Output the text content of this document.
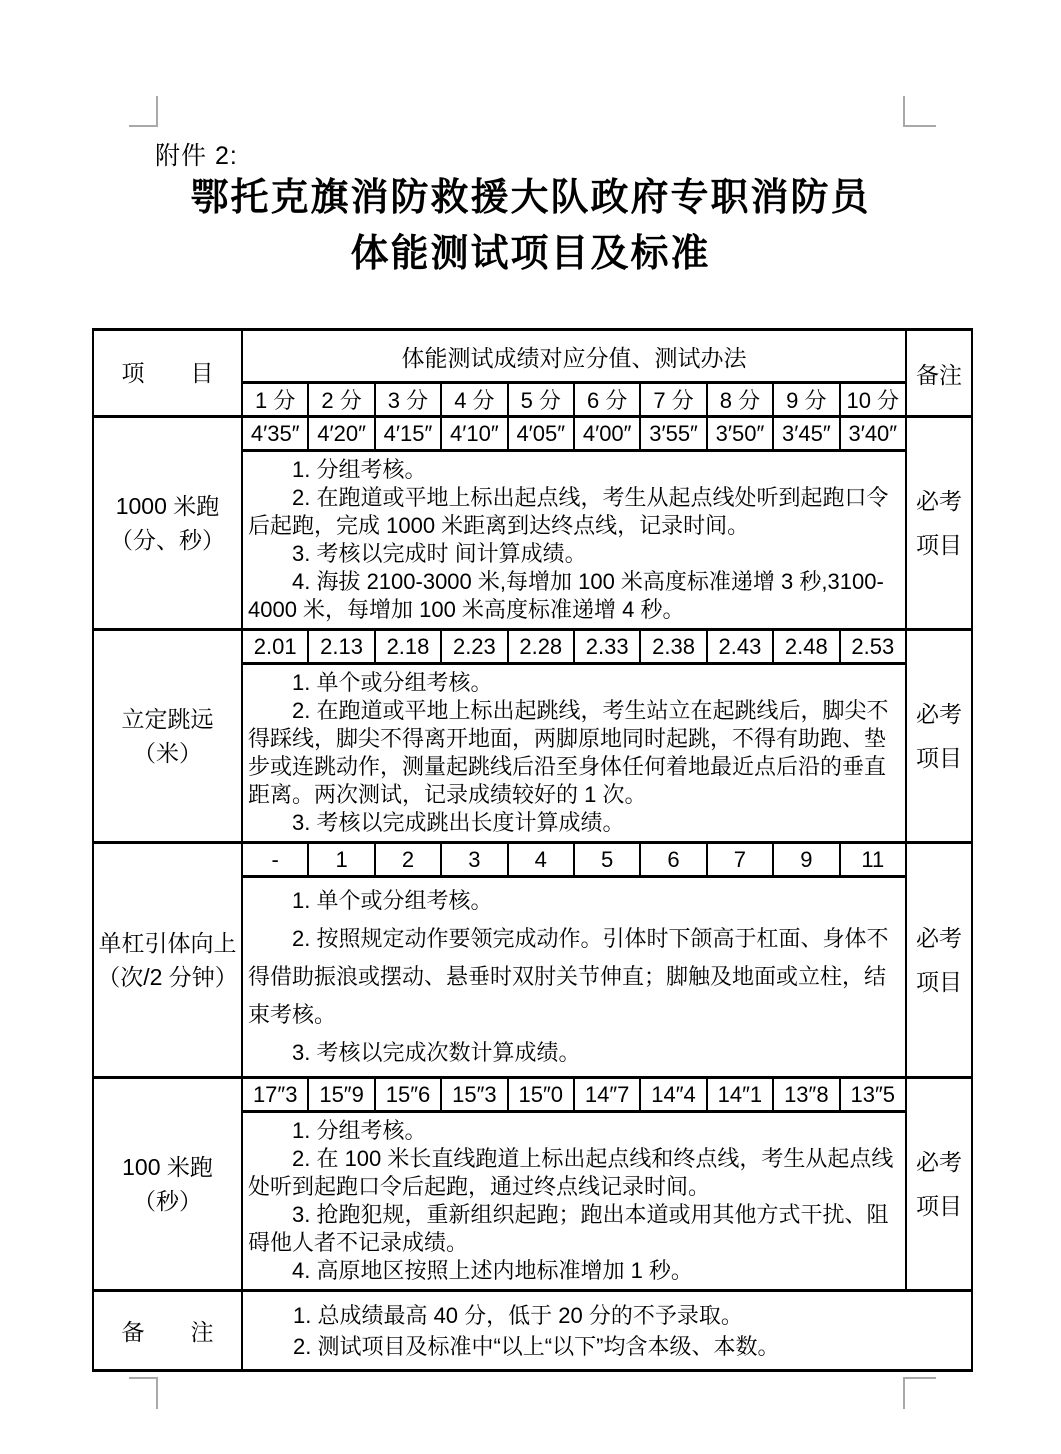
附件 2:
鄂托克旗消防救援大队政府专职消防员
体能测试项目及标准
项　　目	体能测试成绩对应分值、测试办法										备注
	1 分	2 分	3 分	4 分	5 分	6 分	7 分	8 分	9 分	10 分	

1000 米跑
（分、秒）	4′35″	4′20″	4′15″	4′10″	4′05″	4′00″	3′55″	3′50″	3′45″	3′40″	必考项目

	1. 分组考核。

2. 在跑道或平地上标出起点线，考生从起点线处听到起跑口令后起跑，完成 1000 米距离到达终点线，记录时间。

3. 考核以完成时 间计算成绩。

4. 海拔 2100-3000 米,每增加 100 米高度标准递增 3 秒,3100-4000 米，每增加 100 米高度标准递增 4 秒。										

立定跳远
（米）	2.01	2.13	2.18	2.23	2.28	2.33	2.38	2.43	2.48	2.53	必考项目

	1. 单个或分组考核。

2. 在跑道或平地上标出起跳线，考生站立在起跳线后，脚尖不得踩线，脚尖不得离开地面，两脚原地同时起跳，不得有助跑、垫步或连跳动作，测量起跳线后沿至身体任何着地最近点后沿的垂直距离。两次测试，记录成绩较好的 1 次。

3. 考核以完成跳出长度计算成绩。										

单杠引体向上
（次/2 分钟）	-	1	2	3	4	5	6	7	9	11	必考项目

	1. 单个或分组考核。

2. 按照规定动作要领完成动作。引体时下颌高于杠面、身体不得借助振浪或摆动、悬垂时双肘关节伸直；脚触及地面或立柱，结束考核。

3. 考核以完成次数计算成绩。										

100 米跑（秒）	17″3	15″9	15″6	15″3	15″0	14″7	14″4	14″1	13″8	13″5	必考项目

	1. 分组考核。

2. 在 100 米长直线跑道上标出起点线和终点线，考生从起点线处听到起跑口令后起跑，通过终点线记录时间。

3. 抢跑犯规，重新组织起跑；跑出本道或用其他方式干扰、阻碍他人者不记录成绩。

4. 高原地区按照上述内地标准增加 1 秒。										

备　　注	1. 总成绩最高 40 分，低于 20 分的不予录取。

2. 测试项目及标准中“以上“以下”均含本级、本数。										
